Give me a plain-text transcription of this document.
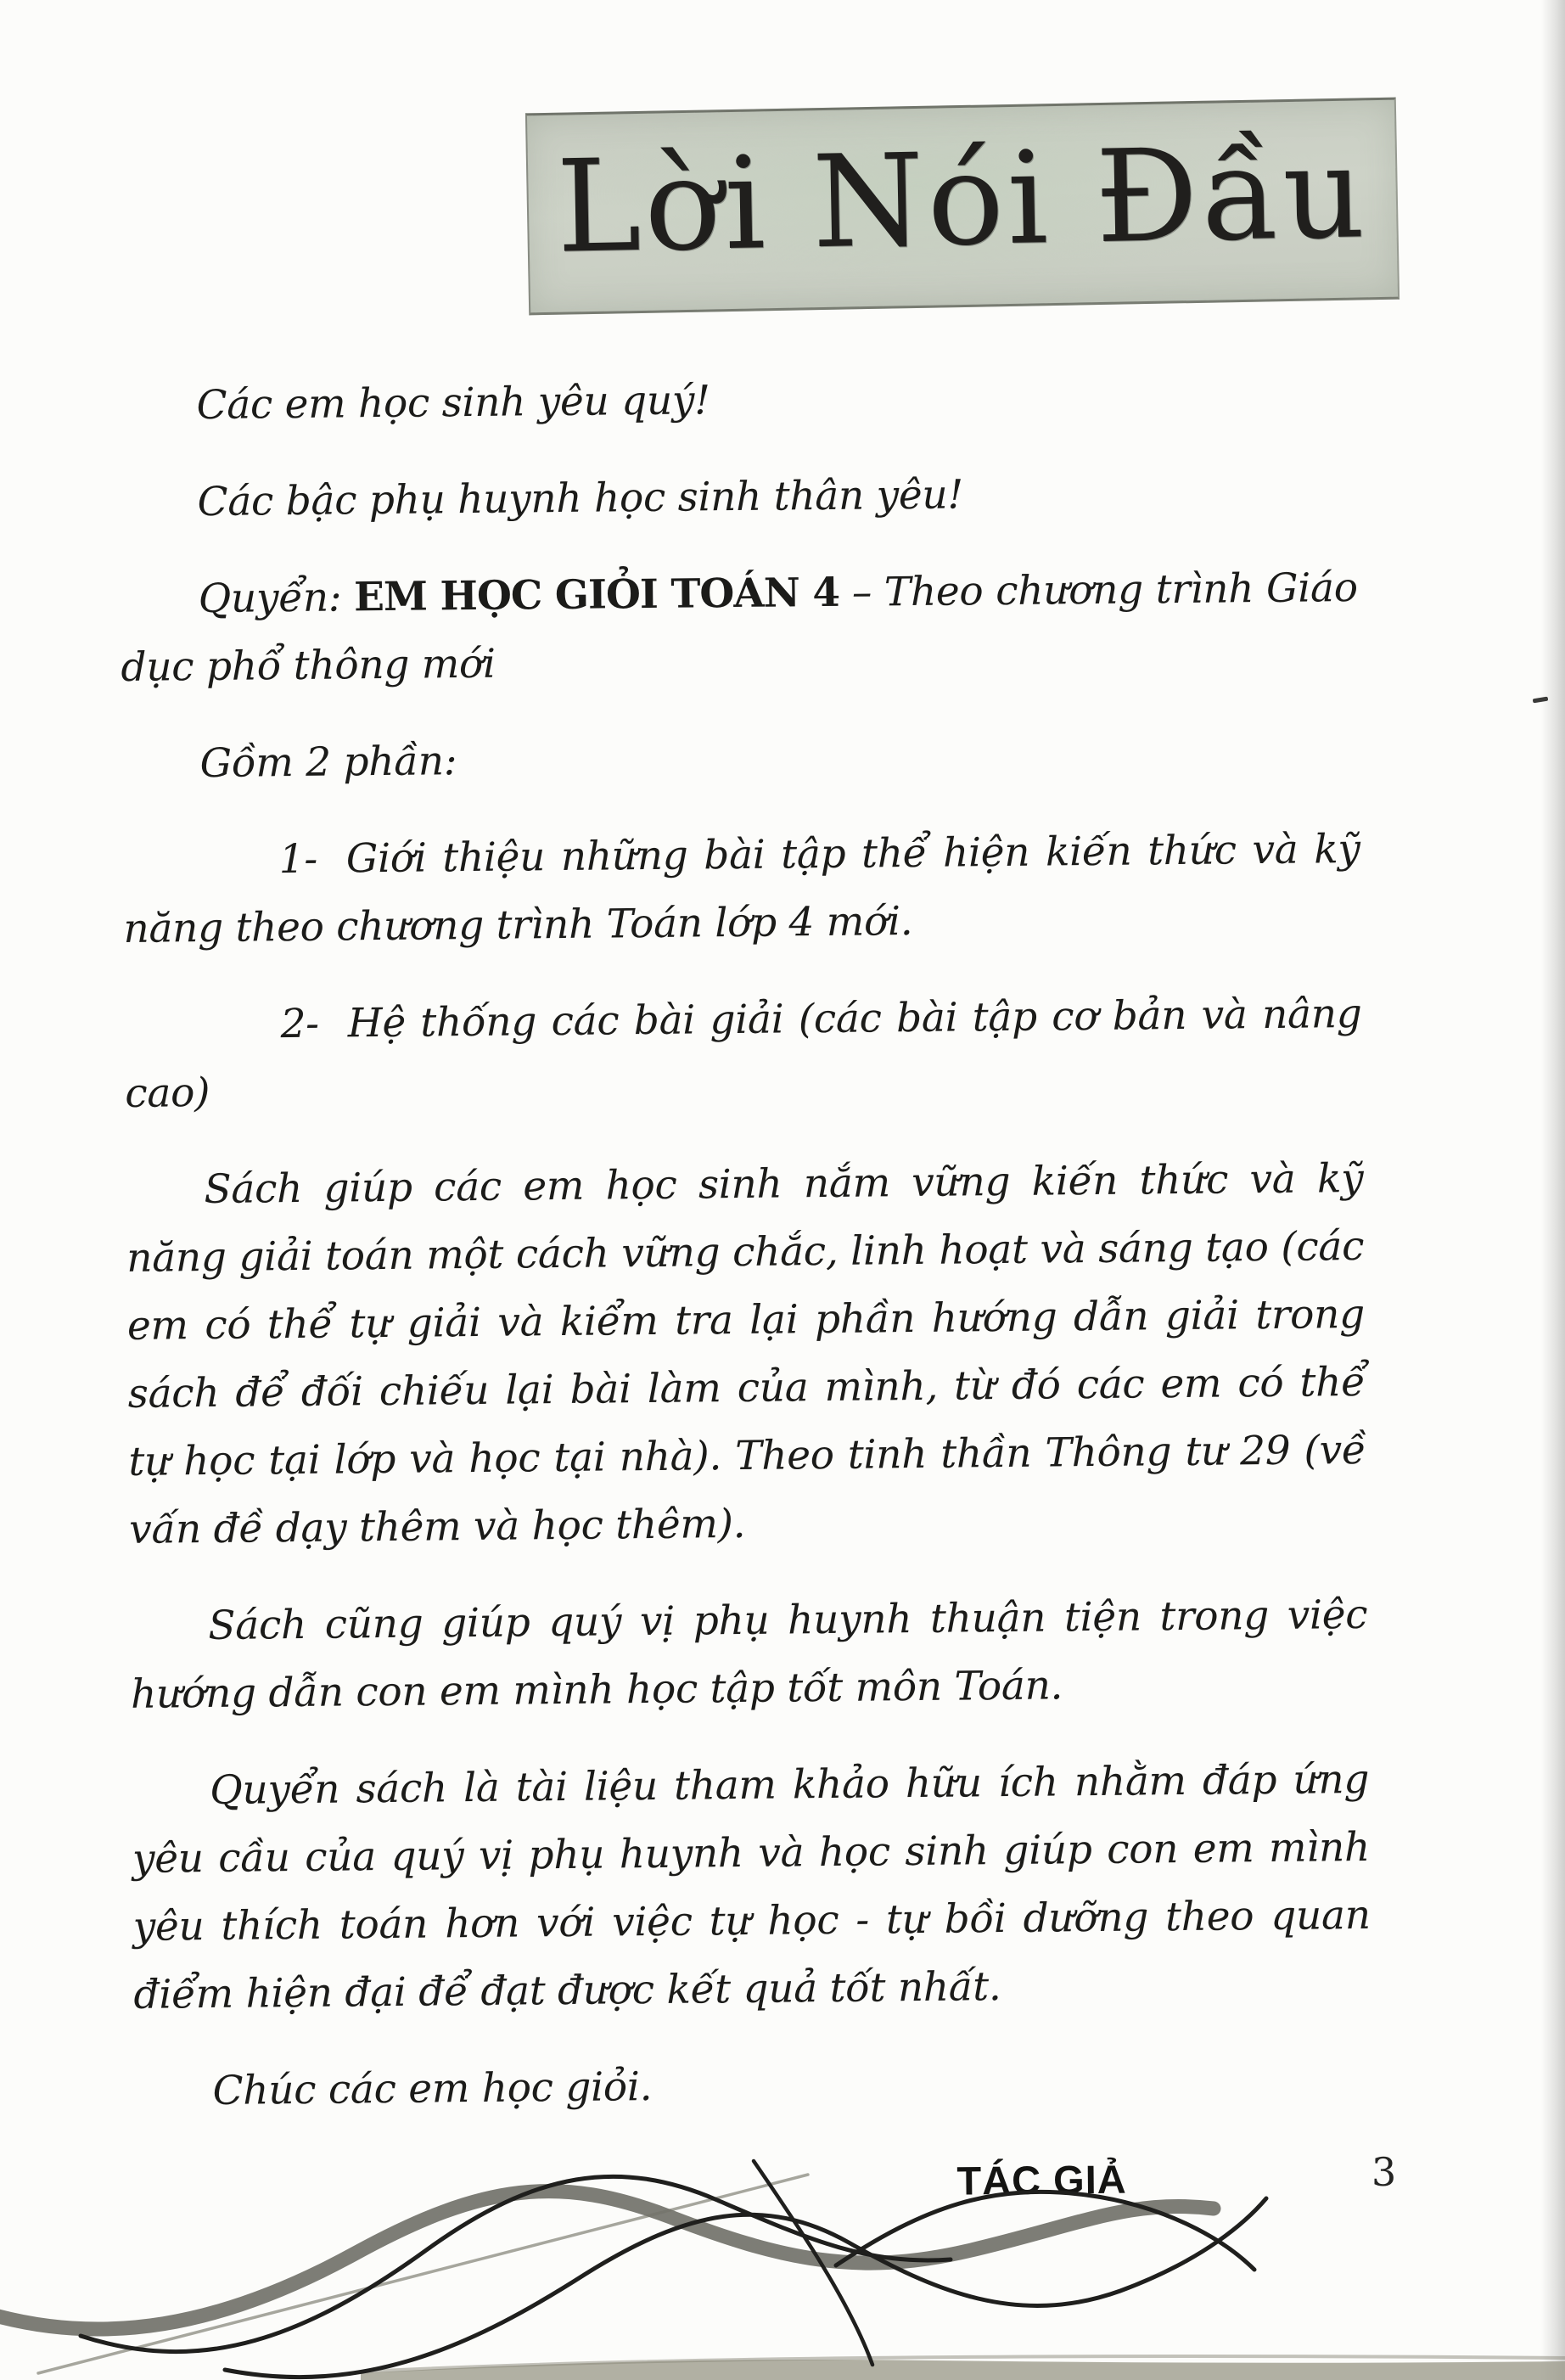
Lời Nói Đầu

Các em học sinh yêu quý!

Các bậc phụ huynh học sinh thân yêu!

Quyển: EM HỌC GIỎI TOÁN 4 – Theo chương trình Giáo dục phổ thông mới

Gồm 2 phần:

1- Giới thiệu những bài tập thể hiện kiến thức và kỹ năng theo chương trình Toán lớp 4 mới.

2- Hệ thống các bài giải (các bài tập cơ bản và nâng cao)

Sách giúp các em học sinh nắm vững kiến thức và kỹ năng giải toán một cách vững chắc, linh hoạt và sáng tạo (các em có thể tự giải và kiểm tra lại phần hướng dẫn giải trong sách để đối chiếu lại bài làm của mình, từ đó các em có thể tự học tại lớp và học tại nhà). Theo tinh thần Thông tư 29 (về vấn đề dạy thêm và học thêm).

Sách cũng giúp quý vị phụ huynh thuận tiện trong việc hướng dẫn con em mình học tập tốt môn Toán.

Quyển sách là tài liệu tham khảo hữu ích nhằm đáp ứng yêu cầu của quý vị phụ huynh và học sinh giúp con em mình yêu thích toán hơn với việc tự học - tự bồi dưỡng theo quan điểm hiện đại để đạt được kết quả tốt nhất.

Chúc các em học giỏi.

TÁC GIẢ	3
